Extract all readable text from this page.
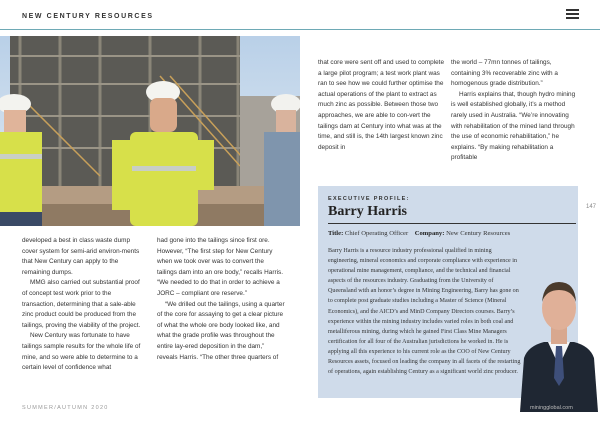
NEW CENTURY RESOURCES

developed a best in class waste dump cover system for semi-arid environ-ments that New Century can apply to the remaining dumps.

MMG also carried out substantial proof of concept test work prior to the transaction, determining that a sale-able zinc product could be produced from the tailings, proving the viability of the project.

New Century was fortunate to have tailings sample results for the whole life of mine, and so were able to determine to a certain level of confidence what

had gone into the tailings since first ore. However, “The first step for New Century when we took over was to convert the tailings dam into an ore body,” recalls Harris. “We needed to do that in order to achieve a JORC – compliant ore reserve.”

“We drilled out the tailings, using a quarter of the core for assaying to get a clear picture of what the whole ore body looked like, and what the grade profile was throughout the entire lay-ered deposition in the dam,” reveals Harris. “The other three quarters of

that core were sent off and used to complete a large pilot program; a test work plant was ran to see how we could further optimise the actual operations of the plant to extract as much zinc as possible. Between those two approaches, we are able to con-vert the tailings dam at Century into what was at the time, and still is, the 14th largest known zinc deposit in

the world – 77mn tonnes of tailings, containing 3% recoverable zinc with a homogenous grade distribution.”

Harris explains that, though hydro mining is well established globally, it’s a method rarely used in Australia. “We’re innovating with rehabilitation of the mined land through the use of economic rehabilitation,” he explains. “By making rehabilitation a profitable

EXECUTIVE PROFILE:
Barry Harris
Title: Chief Operating Officer Company: New Century Resources

Barry Harris is a resource industry professional qualified in mining engineering, mineral economics and corporate compliance with experience in operational mine management, compliance, and the technical and financial aspects of the resources industry. Graduating from the University of Queensland with an honor’s degree in Mining Engineering, Barry has gone on to complete post graduate studies including a Master of Science (Mineral Economics), and the AICD’s and MinD Company Directors courses. Barry’s experience within the mining industry includes varied roles in both coal and metalliferous mining, during which he gained First Class Mine Managers certification for all four of the Australian jurisdictions he worked in. He is applying all this experience to his current role as the COO of New Century Resources assets, focused on leading the company in all facets of the restarting of operations, again establishing Century as a significant world zinc producer.

147
SUMMER/AUTUMN 2020	miningglobal.com
